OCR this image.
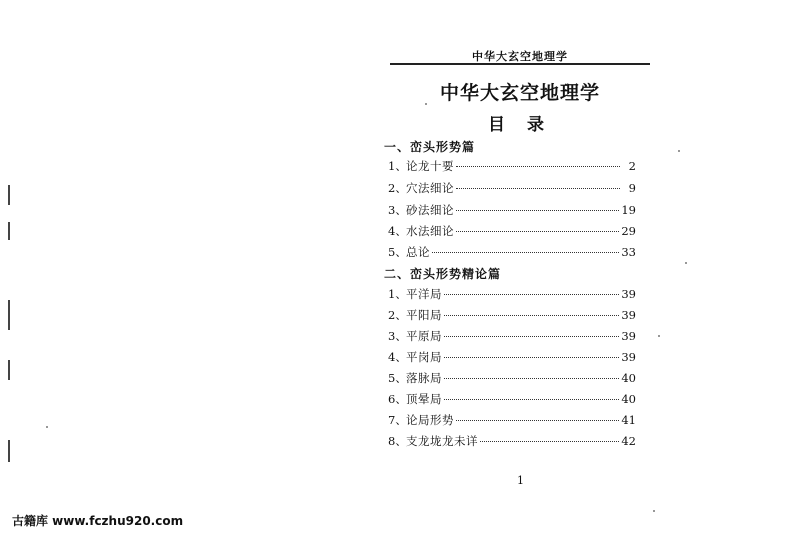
中华大玄空地理学
中华大玄空地理学
目 录
一、峦头形势篇
1、 论龙十要	2
2、 穴法细论	9
3、 砂法细论	19
4、 水法细论	29
5、 总论	33
二、峦头形势精论篇
1、 平洋局	39
2、 平阳局	39
3、 平原局	39
4、 平岗局	39
5、 落脉局	40
6、 顶晕局	40
7、 论局形势	41
8、 支龙垅龙未详	42
1
古籍库 www.fczhu920.com
